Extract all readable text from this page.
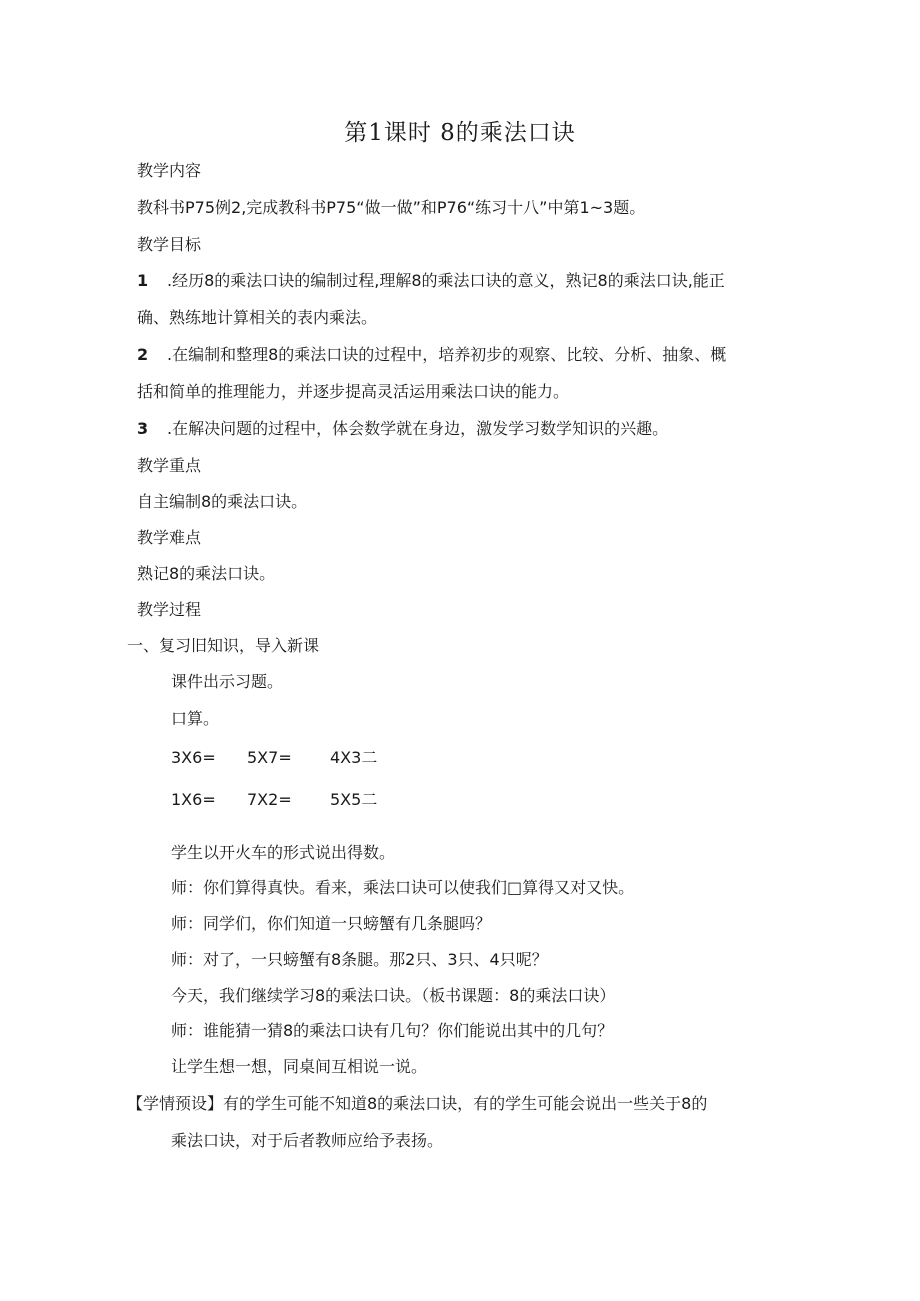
第1课时 8的乘法口诀
教学内容
教科书P75例2,完成教科书P75“做一做”和P76“练习十八”中第1~3题。
教学目标
1 .经历8的乘法口诀的编制过程,理解8的乘法口诀的意义，熟记8的乘法口诀,能正
确、熟练地计算相关的表内乘法。
2 .在编制和整理8的乘法口诀的过程中，培养初步的观察、比较、分析、抽象、概
括和简单的推理能力，并逐步提高灵活运用乘法口诀的能力。
3 .在解决问题的过程中，体会数学就在身边，激发学习数学知识的兴趣。
教学重点
自主编制8的乘法口诀。
教学难点
熟记8的乘法口诀。
教学过程
一、复习旧知识，导入新课
课件出示习题。
口算。
3X6= 5X7= 4X3二
1X6= 7X2= 5X5二
学生以开火车的形式说出得数。
师：你们算得真快。看来，乘法口诀可以使我们□算得又对又快。
师：同学们，你们知道一只螃蟹有几条腿吗？
师：对了，一只螃蟹有8条腿。那2只、3只、4只呢？
今天，我们继续学习8的乘法口诀。（板书课题：8的乘法口诀）
师：谁能猜一猜8的乘法口诀有几句？你们能说出其中的几句？
让学生想一想，同桌间互相说一说。
【学情预设】有的学生可能不知道8的乘法口诀，有的学生可能会说出一些关于8的
乘法口诀，对于后者教师应给予表扬。
